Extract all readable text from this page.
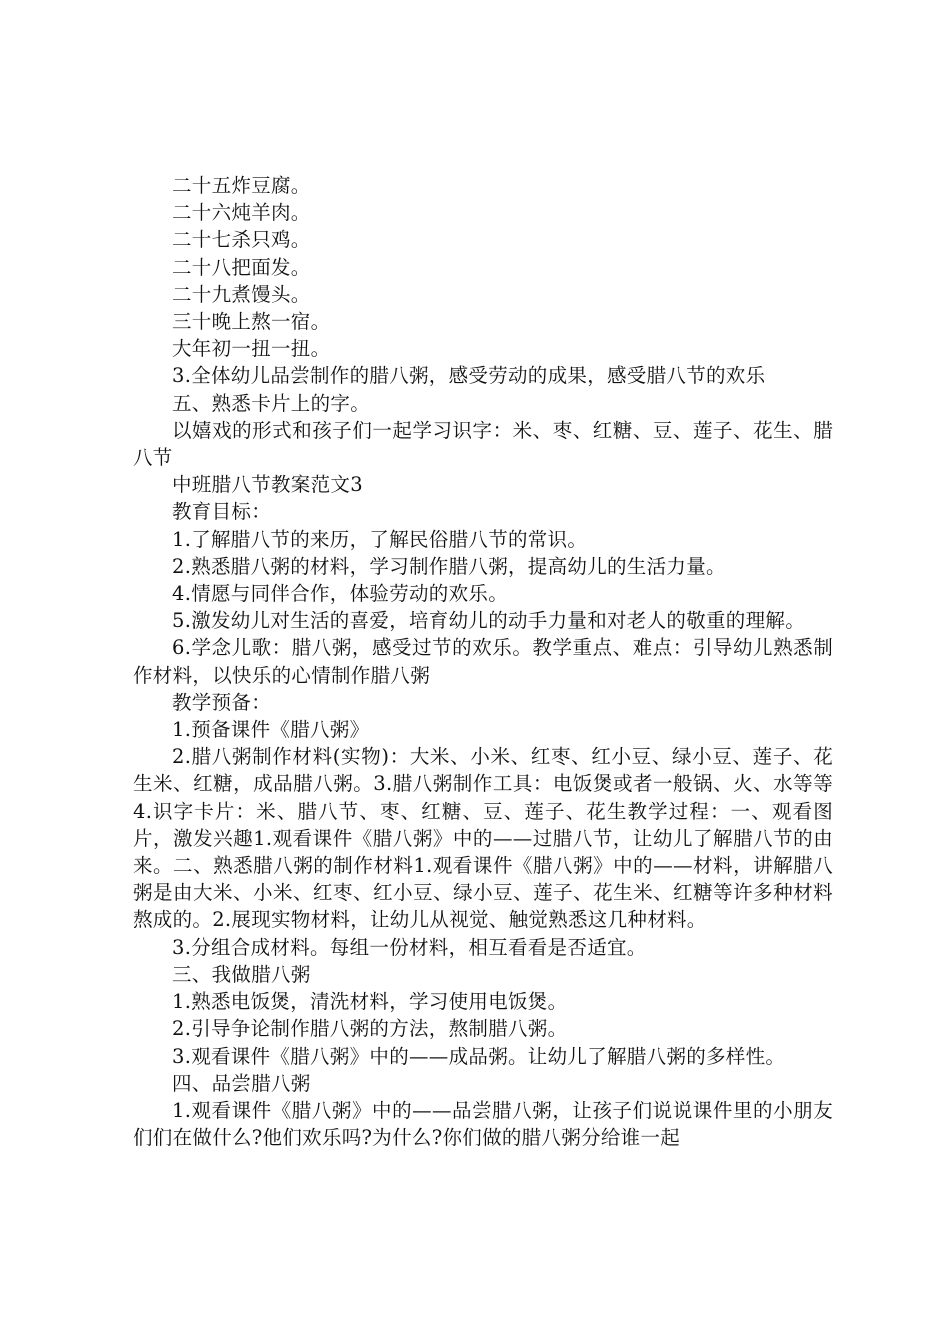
二十五炸豆腐。

二十六炖羊肉。

二十七杀只鸡。

二十八把面发。

二十九煮馒头。

三十晚上熬一宿。

大年初一扭一扭。

3.全体幼儿品尝制作的腊八粥，感受劳动的成果，感受腊八节的欢乐

五、熟悉卡片上的字。

以嬉戏的形式和孩子们一起学习识字：米、枣、红糖、豆、莲子、花生、腊八节

中班腊八节教案范文3

教育目标：

1.了解腊八节的来历，了解民俗腊八节的常识。

2.熟悉腊八粥的材料，学习制作腊八粥，提高幼儿的生活力量。

4.情愿与同伴合作，体验劳动的欢乐。

5.激发幼儿对生活的喜爱，培育幼儿的动手力量和对老人的敬重的理解。

6.学念儿歌：腊八粥，感受过节的欢乐。教学重点、难点：引导幼儿熟悉制作材料，以快乐的心情制作腊八粥

教学预备：

1.预备课件《腊八粥》

2.腊八粥制作材料(实物)：大米、小米、红枣、红小豆、绿小豆、莲子、花生米、红糖，成品腊八粥。3.腊八粥制作工具：电饭煲或者一般锅、火、水等等4.识字卡片：米、腊八节、枣、红糖、豆、莲子、花生教学过程：一、观看图片，激发兴趣1.观看课件《腊八粥》中的——过腊八节，让幼儿了解腊八节的由来。二、熟悉腊八粥的制作材料1.观看课件《腊八粥》中的——材料，讲解腊八粥是由大米、小米、红枣、红小豆、绿小豆、莲子、花生米、红糖等许多种材料熬成的。2.展现实物材料，让幼儿从视觉、触觉熟悉这几种材料。

3.分组合成材料。每组一份材料，相互看看是否适宜。

三、我做腊八粥

1.熟悉电饭煲，清洗材料，学习使用电饭煲。

2.引导争论制作腊八粥的方法，熬制腊八粥。

3.观看课件《腊八粥》中的——成品粥。让幼儿了解腊八粥的多样性。

四、品尝腊八粥

1.观看课件《腊八粥》中的——品尝腊八粥，让孩子们说说课件里的小朋友们们在做什么?他们欢乐吗?为什么?你们做的腊八粥分给谁一起
